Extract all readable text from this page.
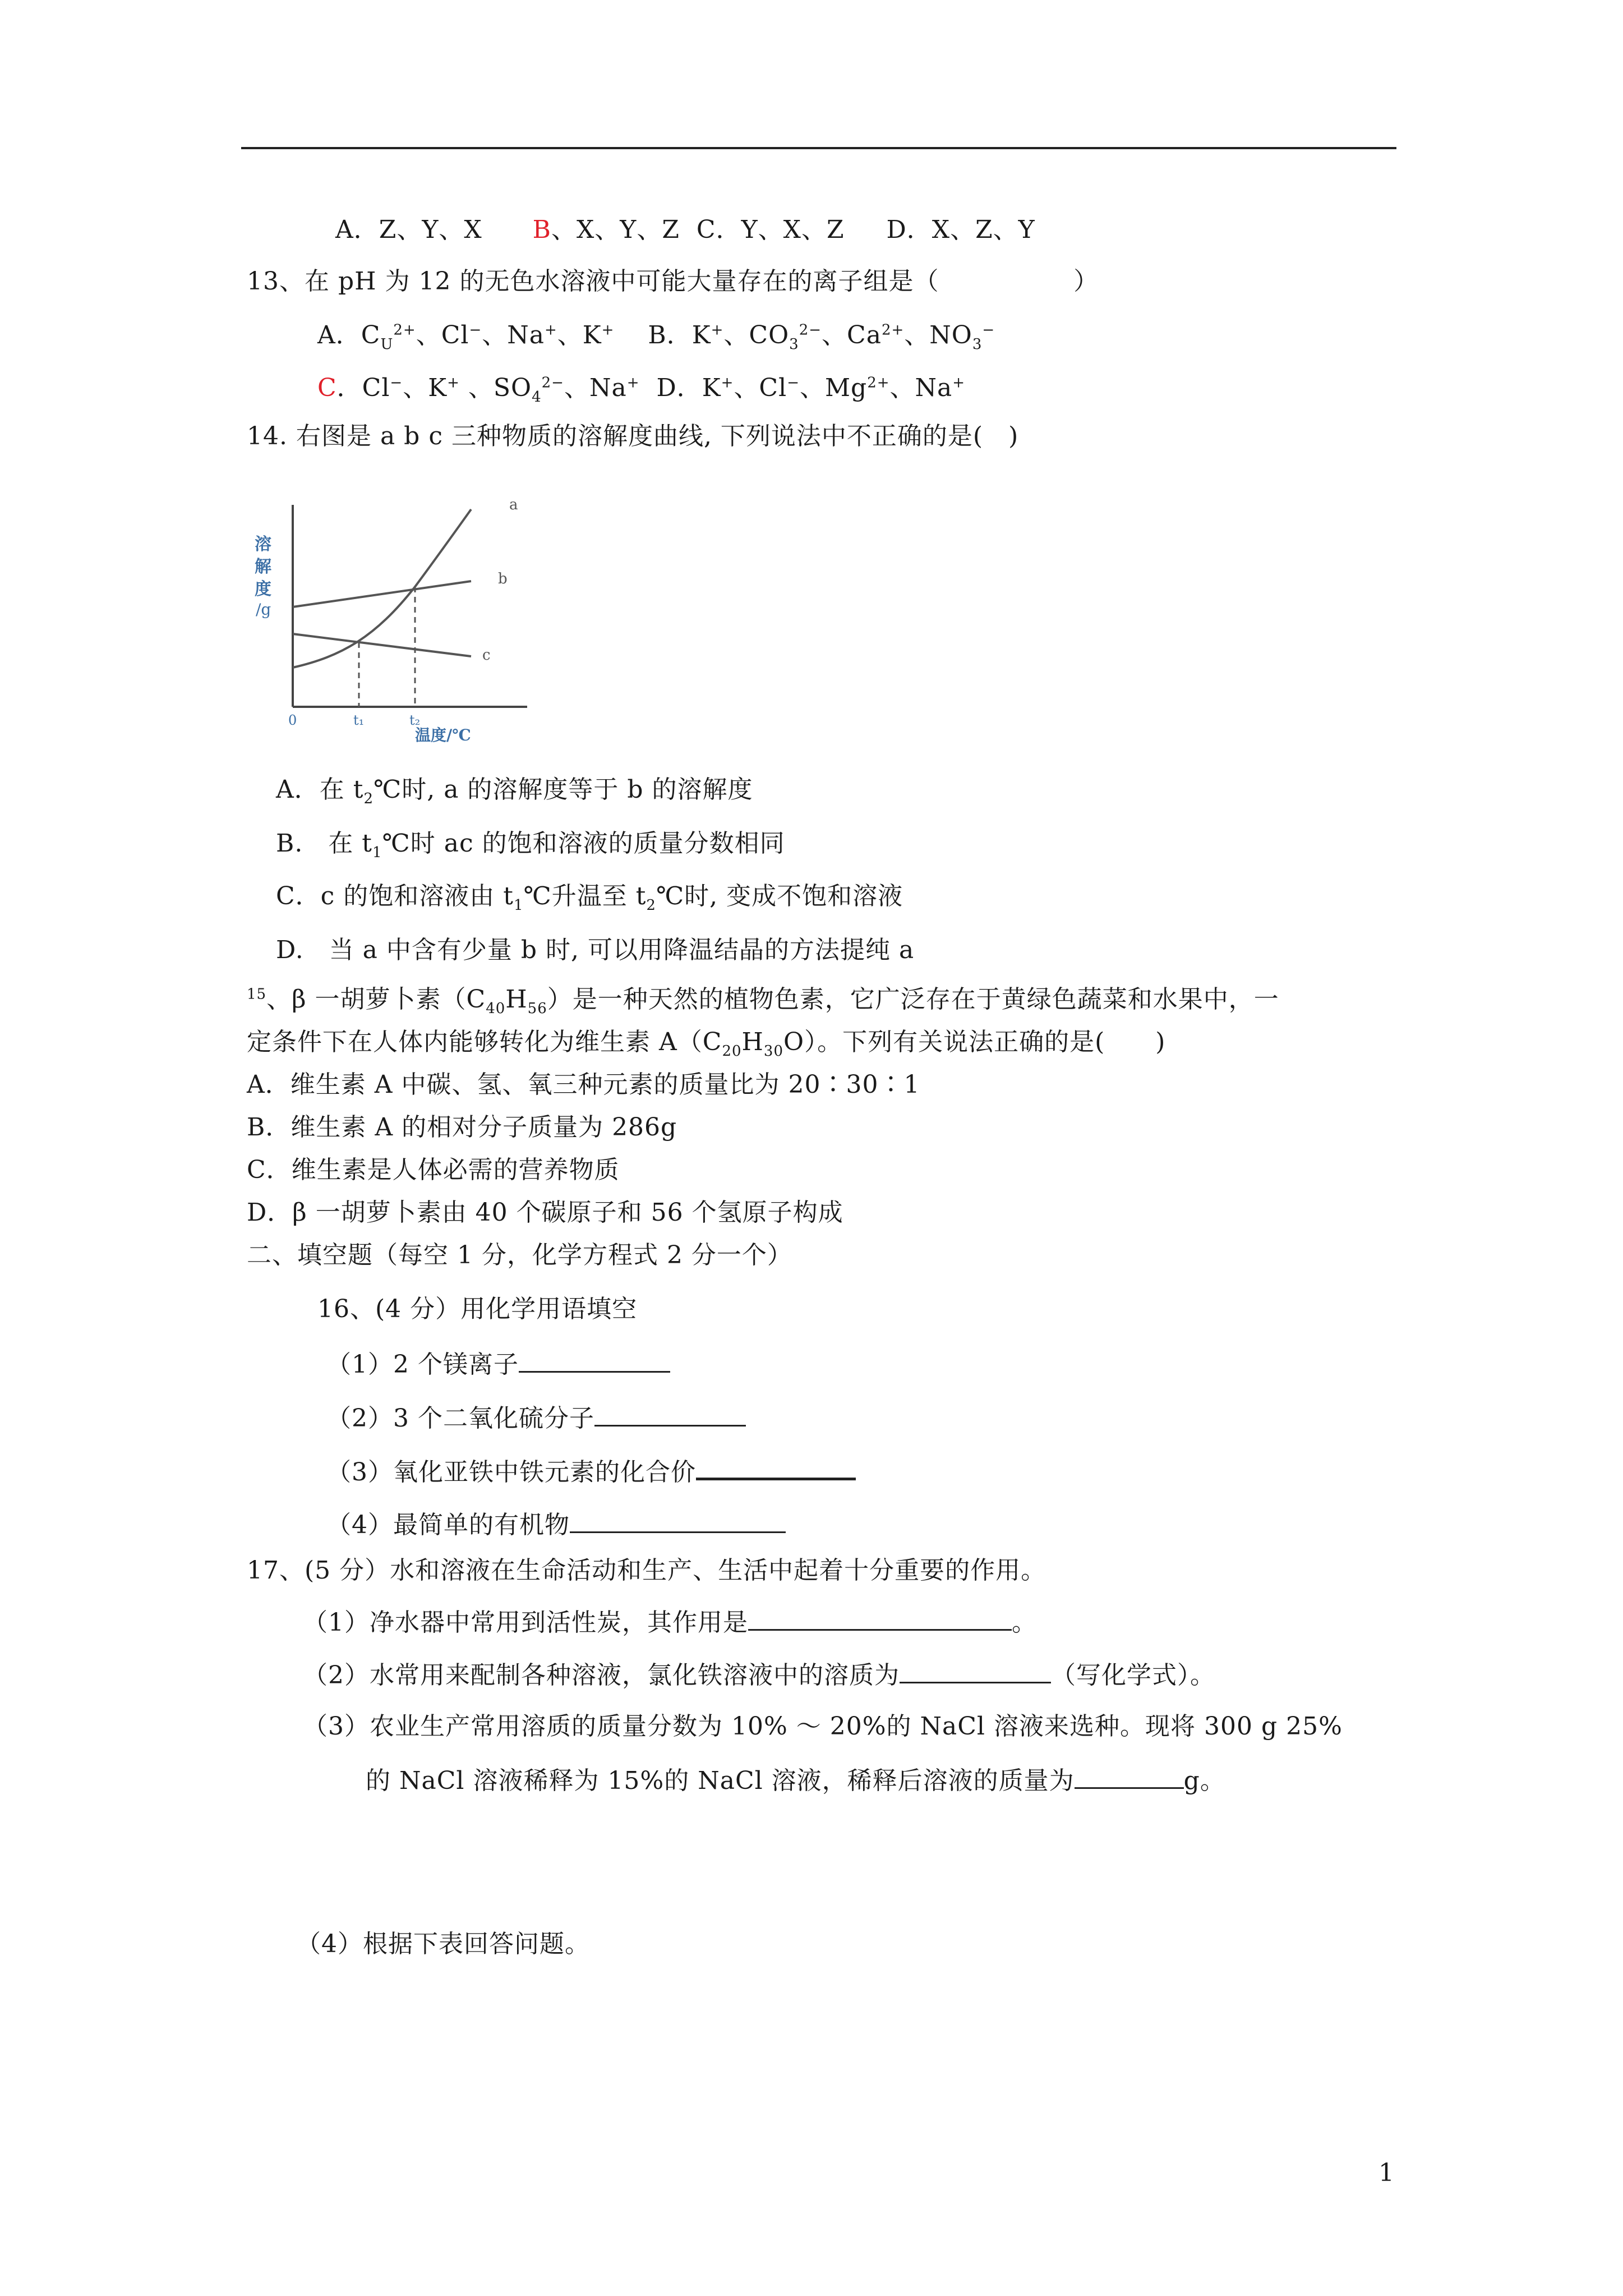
A．Z、Y、X B、X、Y、Z C．Y、X、Z D．X、Z、Y
13、在 pH 为 12 的无色水溶液中可能大量存在的离子组是（	）
A．$C_U^{2+}$、Cl−、Na+、K+ B．K+、$CO_3^{2-}$、$Ca^{2+}$、$NO_3^-$
C．Cl−、K+ 、$SO_4^{2-}$、Na+ D．K+、Cl−、$Mg^{2+}$、Na+
14. 右图是 a b c 三种物质的溶解度曲线, 下列说法中不正确的是(　)
溶
解
度
/g
a
b
c
0	t₁	t₂
温度/℃
A．在 $t_2℃$时, a 的溶解度等于 b 的溶解度
B.　在 $t_1℃$时 ac 的饱和溶液的质量分数相同
C．c 的饱和溶液由 $t_1℃$升温至 $t_2℃$时, 变成不饱和溶液
D.　当 a 中含有少量 b 时, 可以用降温结晶的方法提纯 a
$^{15}$、β 一胡萝卜素$(C_{40}H_{56})$是一种天然的植物色素，它广泛存在于黄绿色蔬菜和水果中，一
定条件下在人体内能够转化为维生素 $A(C_{20}H_{30}O)$。下列有关说法正确的是(　　)
A．维生素 A 中碳、氢、氧三种元素的质量比为 20∶30∶1
B．维生素 A 的相对分子质量为 286g
C．维生素是人体必需的营养物质
D．β 一胡萝卜素由 40 个碳原子和 56 个氢原子构成
二、填空题（每空 1 分，化学方程式 2 分一个）
16、(4 分）用化学用语填空
（1）2 个镁离子
（2）3 个二氧化硫分子
（3）氧化亚铁中铁元素的化合价
（4）最简单的有机物
17、(5 分）水和溶液在生命活动和生产、生活中起着十分重要的作用。
（1）净水器中常用到活性炭，其作用是	。
（2）水常用来配制各种溶液，氯化铁溶液中的溶质为	（写化学式）。
（3）农业生产常用溶质的质量分数为 10% ～ 20%的 NaCl 溶液来选种。现将 300 g 25%
的 NaCl 溶液稀释为 15%的 NaCl 溶液，稀释后溶液的质量为	g。
（4）根据下表回答问题。
1
